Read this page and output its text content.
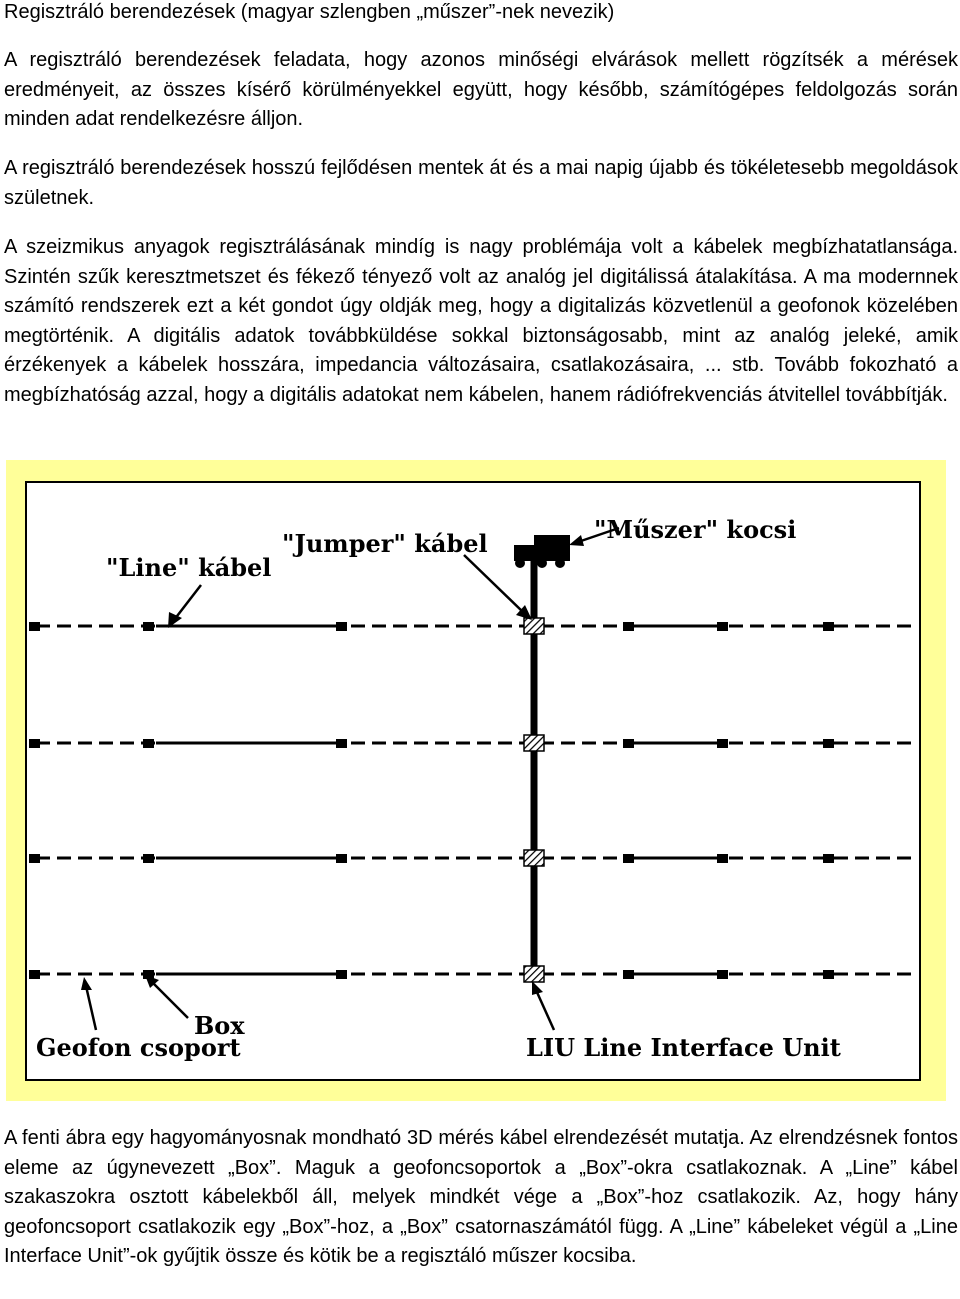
Regisztráló berendezések (magyar szlengben „műszer”-nek nevezik)

A regisztráló berendezések feladata, hogy azonos minőségi elvárások mellett rögzítsék a mérések eredményeit, az összes kísérő körülményekkel együtt, hogy később, számítógépes feldolgozás során minden adat rendelkezésre álljon.

A regisztráló berendezések hosszú fejlődésen mentek át és a mai napig újabb és tökéletesebb megoldások születnek.

A szeizmikus anyagok regisztrálásának mindíg is nagy problémája volt a kábelek megbízhatatlansága. Szintén szűk keresztmetszet és fékező tényező volt az analóg jel digitálissá átalakítása. A ma modernnek számító rendszerek ezt a két gondot úgy oldják meg, hogy a digitalizás közvetlenül a geofonok közelében megtörténik. A digitális adatok továbbküldése sokkal biztonságosabb, mint az analóg jeleké, amik érzékenyek a kábelek hosszára, impedancia változásaira, csatlakozásaira, ... stb. Tovább fokozható a megbízhatóság azzal, hogy a digitális adatokat nem kábelen, hanem rádiófrekvenciás átvitellel továbbítják.

"Line" kábel
"Jumper" kábel	"Műszer" kocsi
Box
Geofon csoport	LIU Line Interface Unit

A fenti ábra egy hagyományosnak mondható 3D mérés kábel elrendezését mutatja. Az elrendzésnek fontos eleme az úgynevezett „Box”. Maguk a geofoncsoportok a „Box”-okra csatlakoznak. A „Line” kábel szakaszokra osztott kábelekből áll, melyek mindkét vége a „Box”-hoz csatlakozik. Az, hogy hány geofoncsoport csatlakozik egy „Box”-hoz, a „Box” csatornaszámától függ. A „Line” kábeleket végül a „Line Interface Unit”-ok gyűjtik össze és kötik be a regisztáló műszer kocsiba.
